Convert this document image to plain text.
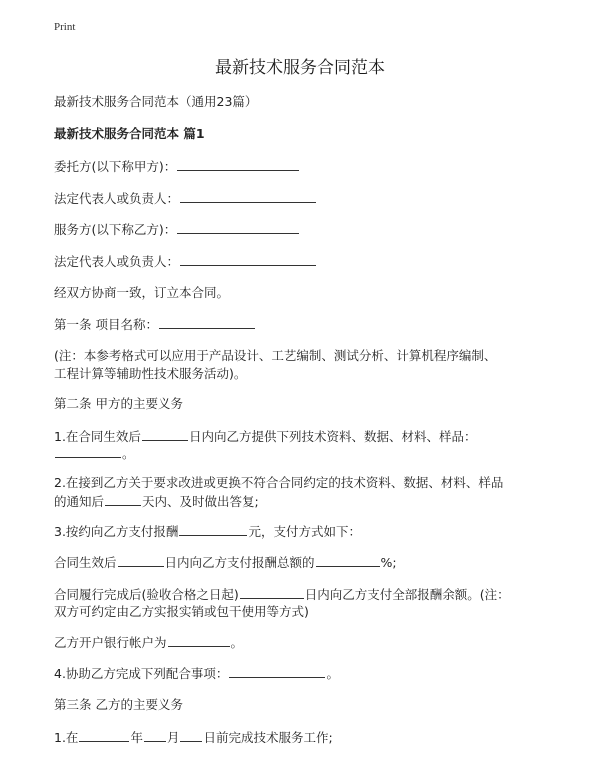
Print
最新技术服务合同范本
最新技术服务合同范本（通用23篇）
最新技术服务合同范本 篇1
委托方(以下称甲方)：
法定代表人或负责人：
服务方(以下称乙方)：
法定代表人或负责人：
经双方协商一致，订立本合同。
第一条 项目名称：
(注：本参考格式可以应用于产品设计、工艺编制、测试分析、计算机程序编制、
工程计算等辅助性技术服务活动)。
第二条 甲方的主要义务
1.在合同生效后	日内向乙方提供下列技术资料、数据、材料、样品：
。
2.在接到乙方关于要求改进或更换不符合合同约定的技术资料、数据、材料、样品
的通知后	天内、及时做出答复;
3.按约向乙方支付报酬	元，支付方式如下：
合同生效后	日内向乙方支付报酬总额的	%;
合同履行完成后(验收合格之日起)	日内向乙方支付全部报酬余额。(注：
双方可约定由乙方实报实销或包干使用等方式)
乙方开户银行帐户为	。
4.协助乙方完成下列配合事项：	。
第三条 乙方的主要义务
1.在	年 月 日前完成技术服务工作;
